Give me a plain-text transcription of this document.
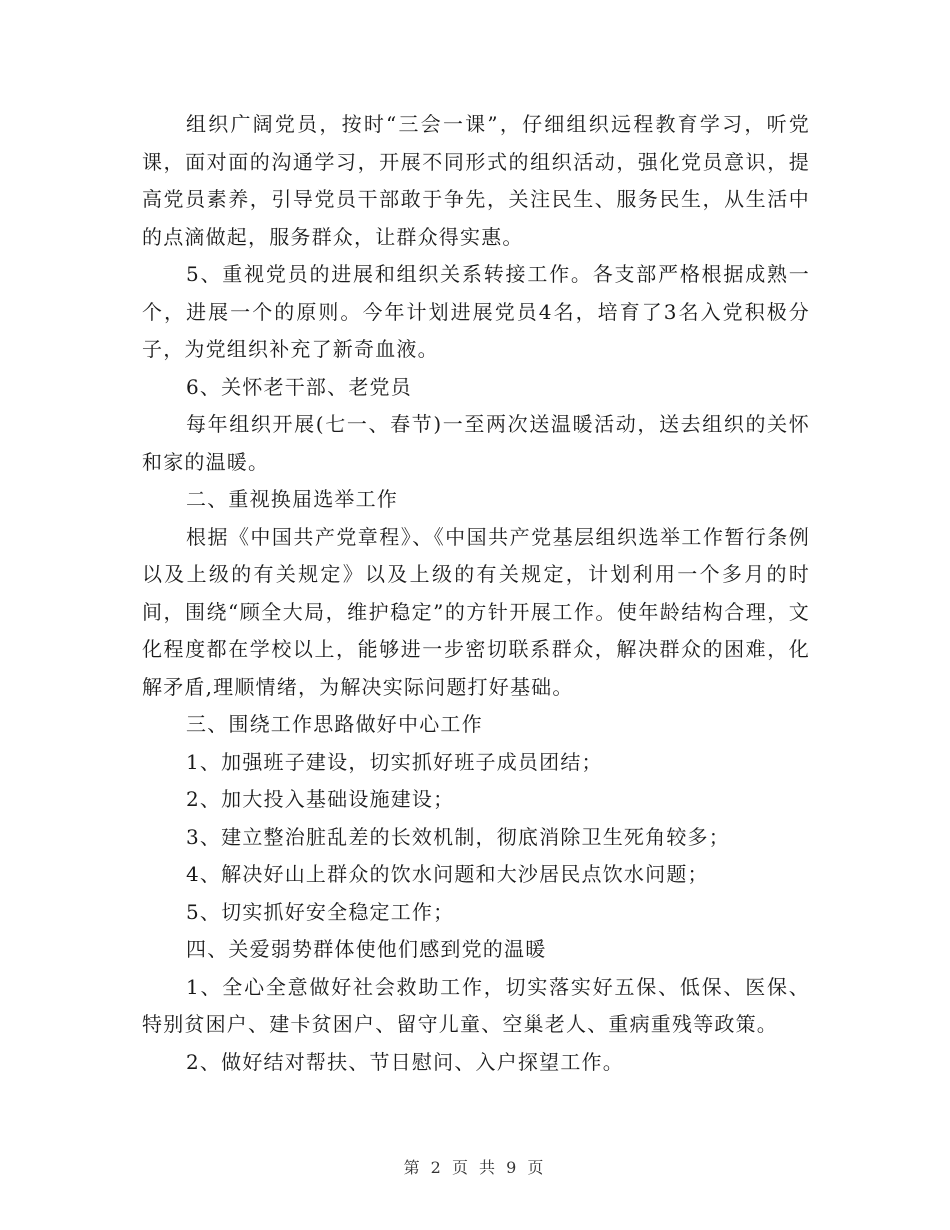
组织广阔党员，按时“三会一课”，仔细组织远程教育学习，听党课，面对面的沟通学习，开展不同形式的组织活动，强化党员意识，提高党员素养，引导党员干部敢于争先，关注民生、服务民生，从生活中的点滴做起，服务群众，让群众得实惠。

5、重视党员的进展和组织关系转接工作。各支部严格根据成熟一个，进展一个的原则。今年计划进展党员4名，培育了3名入党积极分子，为党组织补充了新奇血液。

6、关怀老干部、老党员

每年组织开展(七一、春节)一至两次送温暖活动，送去组织的关怀和家的温暖。

二、重视换届选举工作

根据《中国共产党章程》、《中国共产党基层组织选举工作暂行条例以及上级的有关规定》以及上级的有关规定，计划利用一个多月的时间，围绕“顾全大局，维护稳定”的方针开展工作。使年龄结构合理，文化程度都在学校以上，能够进一步密切联系群众，解决群众的困难，化解矛盾,理顺情绪，为解决实际问题打好基础。

三、围绕工作思路做好中心工作

1、加强班子建设，切实抓好班子成员团结；

2、加大投入基础设施建设；

3、建立整治脏乱差的长效机制，彻底消除卫生死角较多；

4、解决好山上群众的饮水问题和大沙居民点饮水问题；

5、切实抓好安全稳定工作；

四、关爱弱势群体使他们感到党的温暖

1、全心全意做好社会救助工作，切实落实好五保、低保、医保、特别贫困户、建卡贫困户、留守儿童、空巢老人、重病重残等政策。

2、做好结对帮扶、节日慰问、入户探望工作。

第 2 页 共 9 页
